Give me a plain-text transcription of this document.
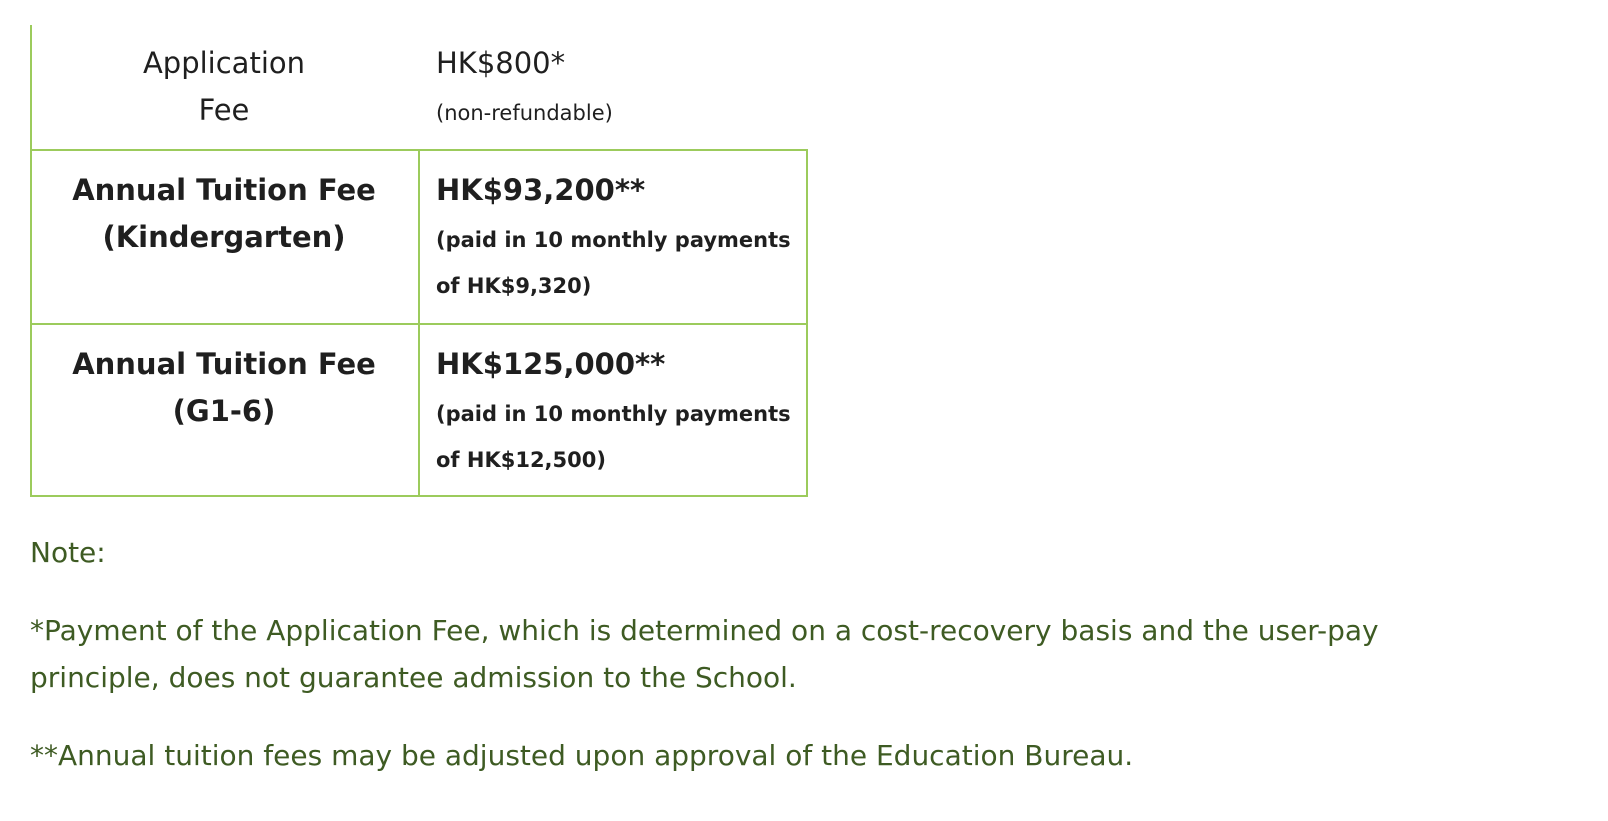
Application
Fee
HK$800*
(non-refundable)
Annual Tuition Fee
(Kindergarten)
HK$93,200**
(paid in 10 monthly payments
of HK$9,320)
Annual Tuition Fee
(G1-6)
HK$125,000**
(paid in 10 monthly payments
of HK$12,500)

Note:

*Payment of the Application Fee, which is determined on a cost-recovery basis and the user-pay

principle, does not guarantee admission to the School.

**Annual tuition fees may be adjusted upon approval of the Education Bureau.
